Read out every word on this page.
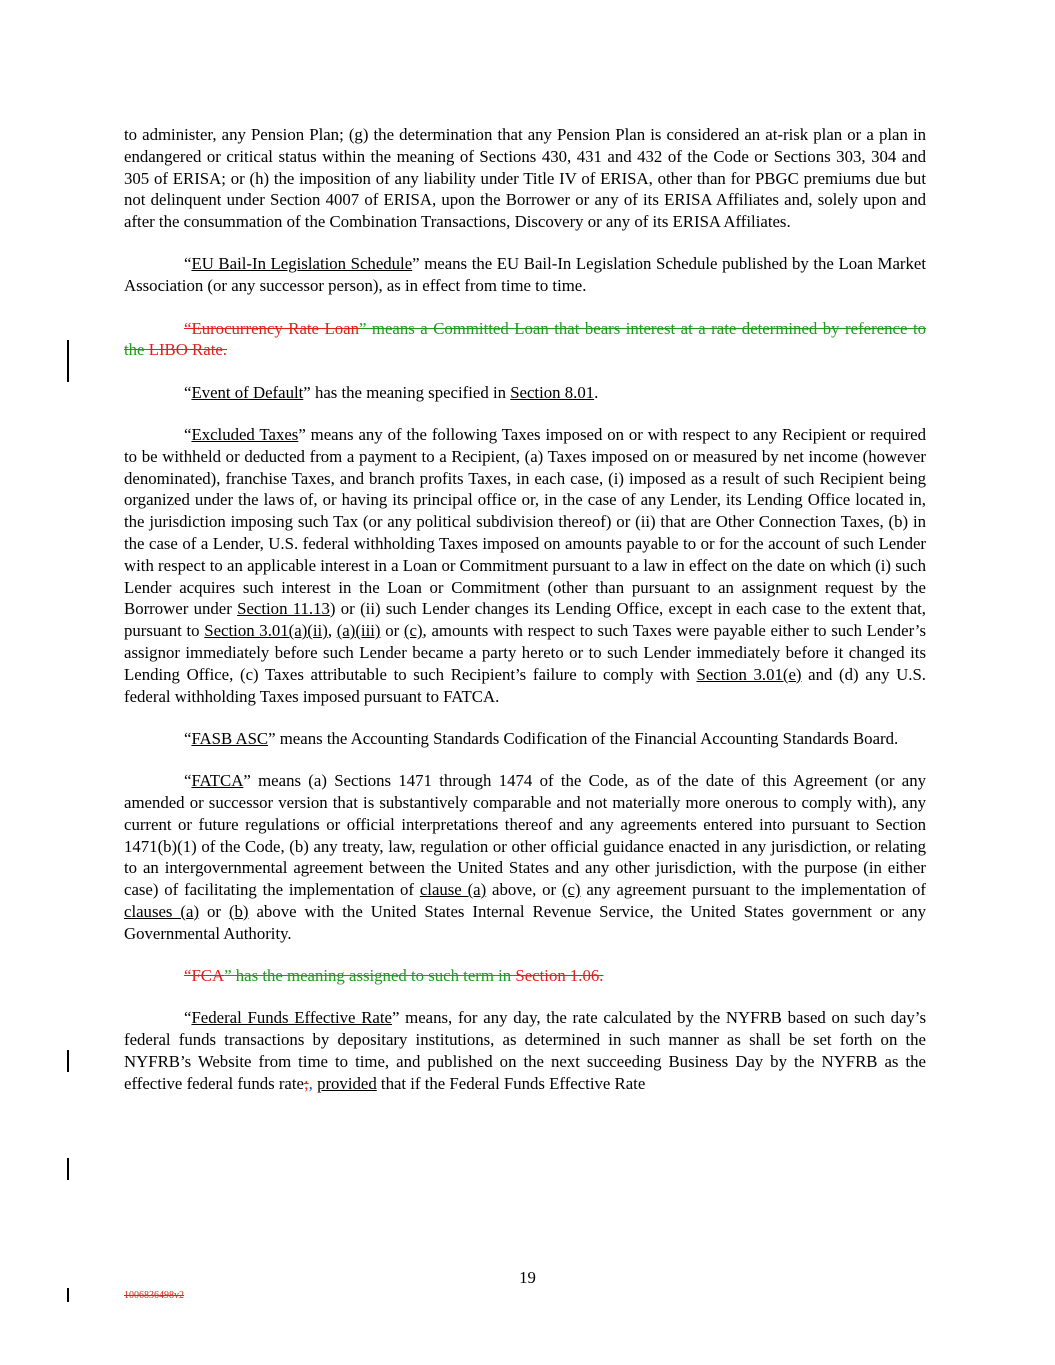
to administer, any Pension Plan; (g) the determination that any Pension Plan is considered an at-risk plan or a plan in endangered or critical status within the meaning of Sections 430, 431 and 432 of the Code or Sections 303, 304 and 305 of ERISA; or (h) the imposition of any liability under Title IV of ERISA, other than for PBGC premiums due but not delinquent under Section 4007 of ERISA, upon the Borrower or any of its ERISA Affiliates and, solely upon and after the consummation of the Combination Transactions, Discovery or any of its ERISA Affiliates.

“EU Bail-In Legislation Schedule” means the EU Bail-In Legislation Schedule published by the Loan Market Association (or any successor person), as in effect from time to time.

“Eurocurrency Rate Loan” means a Committed Loan that bears interest at a rate determined by reference to the LIBO Rate.

“Event of Default” has the meaning specified in Section 8.01.

“Excluded Taxes” means any of the following Taxes imposed on or with respect to any Recipient or required to be withheld or deducted from a payment to a Recipient, (a) Taxes imposed on or measured by net income (however denominated), franchise Taxes, and branch profits Taxes, in each case, (i) imposed as a result of such Recipient being organized under the laws of, or having its principal office or, in the case of any Lender, its Lending Office located in, the jurisdiction imposing such Tax (or any political subdivision thereof) or (ii) that are Other Connection Taxes, (b) in the case of a Lender, U.S. federal withholding Taxes imposed on amounts payable to or for the account of such Lender with respect to an applicable interest in a Loan or Commitment pursuant to a law in effect on the date on which (i) such Lender acquires such interest in the Loan or Commitment (other than pursuant to an assignment request by the Borrower under Section 11.13) or (ii) such Lender changes its Lending Office, except in each case to the extent that, pursuant to Section 3.01(a)(ii), (a)(iii) or (c), amounts with respect to such Taxes were payable either to such Lender’s assignor immediately before such Lender became a party hereto or to such Lender immediately before it changed its Lending Office, (c) Taxes attributable to such Recipient’s failure to comply with Section 3.01(e) and (d) any U.S. federal withholding Taxes imposed pursuant to FATCA.

“FASB ASC” means the Accounting Standards Codification of the Financial Accounting Standards Board.

“FATCA” means (a) Sections 1471 through 1474 of the Code, as of the date of this Agreement (or any amended or successor version that is substantively comparable and not materially more onerous to comply with), any current or future regulations or official interpretations thereof and any agreements entered into pursuant to Section 1471(b)(1) of the Code, (b) any treaty, law, regulation or other official guidance enacted in any jurisdiction, or relating to an intergovernmental agreement between the United States and any other jurisdiction, with the purpose (in either case) of facilitating the implementation of clause (a) above, or (c) any agreement pursuant to the implementation of clauses (a) or (b) above with the United States Internal Revenue Service, the United States government or any Governmental Authority.

“FCA” has the meaning assigned to such term in Section 1.06.

“Federal Funds Effective Rate” means, for any day, the rate calculated by the NYFRB based on such day’s federal funds transactions by depositary institutions, as determined in such manner as shall be set forth on the NYFRB’s Website from time to time, and published on the next succeeding Business Day by the NYFRB as the effective federal funds rate;, provided that if the Federal Funds Effective Rate

19
1006836498v2
